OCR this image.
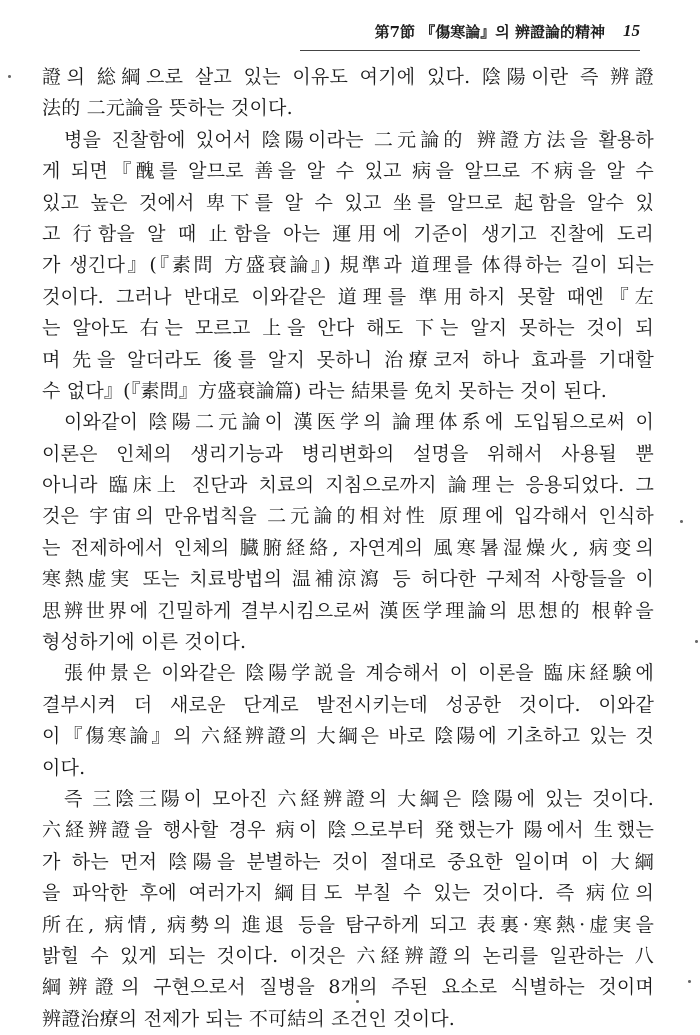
第7節 『傷寒論』의 辨證論的精神 15
證의 総綱으로 살고 있는 이유도 여기에 있다. 陰陽이란 즉 辨證
法的 二元論을 뜻하는 것이다.
병을 진찰함에 있어서 陰陽이라는 二元論的 辨證方法을 활용하
게 되면『醜를 알므로 善을 알 수 있고 病을 알므로 不病을 알 수
있고 높은 것에서 卑下를 알 수 있고 坐를 알므로 起함을 알수 있
고 行함을 알 때 止함을 아는 運用에 기준이 생기고 진찰에 도리
가 생긴다』(『素問 方盛衰論』) 規準과 道理를 体得하는 길이 되는
것이다. 그러나 반대로 이와같은 道理를 準用하지 못할 때엔『左
는 알아도 右는 모르고 上을 안다 해도 下는 알지 못하는 것이 되
며 先을 알더라도 後를 알지 못하니 治療코저 하나 효과를 기대할
수 없다』(『素問』方盛衰論篇) 라는 結果를 免치 못하는 것이 된다.
이와같이 陰陽二元論이 漢医学의 論理体系에 도입됨으로써 이
이론은 인체의 생리기능과 병리변화의 설명을 위해서 사용될 뿐
아니라 臨床上 진단과 치료의 지침으로까지 論理는 응용되었다. 그
것은 宇宙의 만유법칙을 二元論的相対性 原理에 입각해서 인식하
는 전제하에서 인체의 臓腑経絡, 자연계의 風寒暑湿燥火, 病变의
寒熱虚実 또는 치료방법의 温補涼瀉 등 허다한 구체적 사항들을 이
思辨世界에 긴밀하게 결부시킴으로써 漢医学理論의 思想的 根幹을
형성하기에 이른 것이다.
張仲景은 이와같은 陰陽学説을 계승해서 이 이론을 臨床経験에
결부시켜 더 새로운 단계로 발전시키는데 성공한 것이다. 이와같
이『傷寒論』의 六経辨證의 大綱은 바로 陰陽에 기초하고 있는 것
이다.
즉 三陰三陽이 모아진 六経辨證의 大綱은 陰陽에 있는 것이다.
六経辨證을 행사할 경우 病이 陰으로부터 発했는가 陽에서 生했는
가 하는 먼저 陰陽을 분별하는 것이 절대로 중요한 일이며 이 大綱
을 파악한 후에 여러가지 綱目도 부칠 수 있는 것이다. 즉 病位의
所在, 病情, 病勢의 進退 등을 탐구하게 되고 表裏·寒熱·虚実을
밝힐 수 있게 되는 것이다. 이것은 六経辨證의 논리를 일관하는 八
綱辨證의 구현으로서 질병을 8개의 주된 요소로 식별하는 것이며
辨證治療의 전제가 되는 不可結의 조건인 것이다.
